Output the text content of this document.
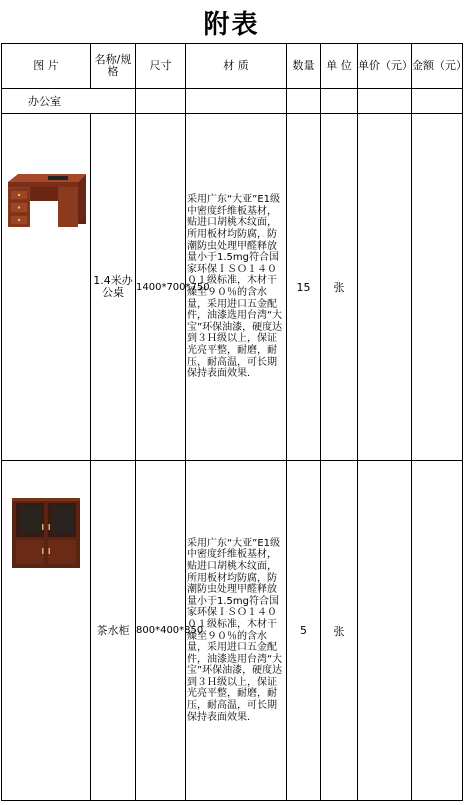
附表
图 片	名称/规格	尺寸	材 质	数量	单 位	单价（元）	金额（元）
办公室							

	1.4米办公桌	1400*700*750	采用广东“大亚”E1级中密度纤维板基材，贴进口胡桃木纹面，所用板材均防腐，防潮防虫处理甲醛释放量小于1.5mg符合国家环保ＩＳＯ１４００１级标准，木材干燥至９０％的含水量，采用进口五金配件，油漆选用台湾“大宝”环保油漆，硬度达到３Ｈ级以上，保证光亮平整，耐磨，耐压，耐高温，可长期保持表面效果．	15	张		

	茶水柜	800*400*850	采用广东“大亚”E1级中密度纤维板基材，贴进口胡桃木纹面，所用板材均防腐，防潮防虫处理甲醛释放量小于1.5mg符合国家环保ＩＳＯ１４００１级标准，木材干燥至９０％的含水量，采用进口五金配件，油漆选用台湾“大宝”环保油漆，硬度达到３Ｈ级以上，保证光亮平整，耐磨，耐压，耐高温，可长期保持表面效果．	5	张		
